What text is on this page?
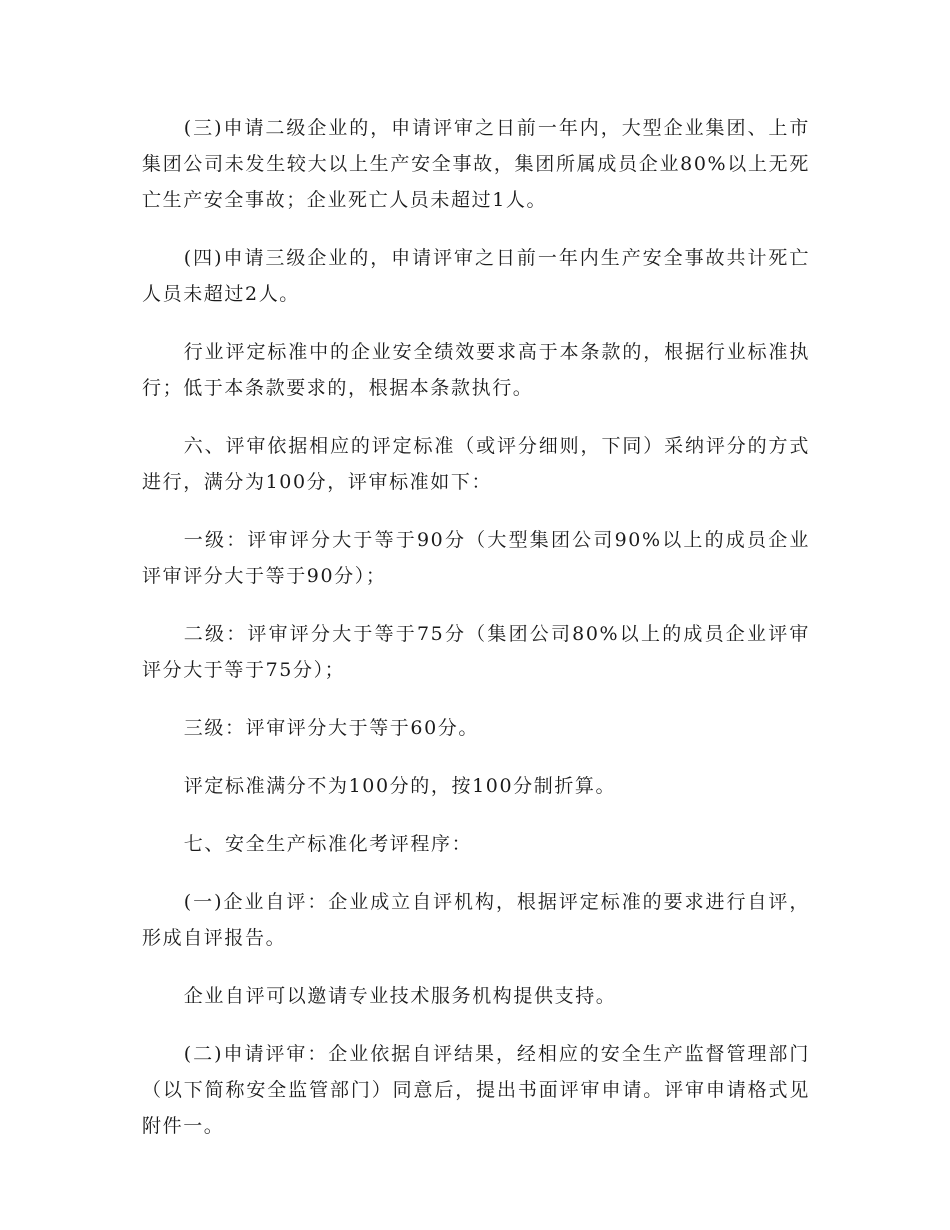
(三)申请二级企业的，申请评审之日前一年内，大型企业集团、上市集团公司未发生较大以上生产安全事故，集团所属成员企业80%以上无死亡生产安全事故；企业死亡人员未超过1人。

(四)申请三级企业的，申请评审之日前一年内生产安全事故共计死亡人员未超过2人。

行业评定标准中的企业安全绩效要求高于本条款的，根据行业标准执行；低于本条款要求的，根据本条款执行。

六、评审依据相应的评定标准（或评分细则，下同）采纳评分的方式进行，满分为100分，评审标准如下：

一级：评审评分大于等于90分（大型集团公司90%以上的成员企业评审评分大于等于90分）；

二级：评审评分大于等于75分（集团公司80%以上的成员企业评审评分大于等于75分）；

三级：评审评分大于等于60分。

评定标准满分不为100分的，按100分制折算。

七、安全生产标准化考评程序：

(一)企业自评：企业成立自评机构，根据评定标准的要求进行自评，形成自评报告。

企业自评可以邀请专业技术服务机构提供支持。

(二)申请评审：企业依据自评结果，经相应的安全生产监督管理部门（以下简称安全监管部门）同意后，提出书面评审申请。评审申请格式见附件一。
